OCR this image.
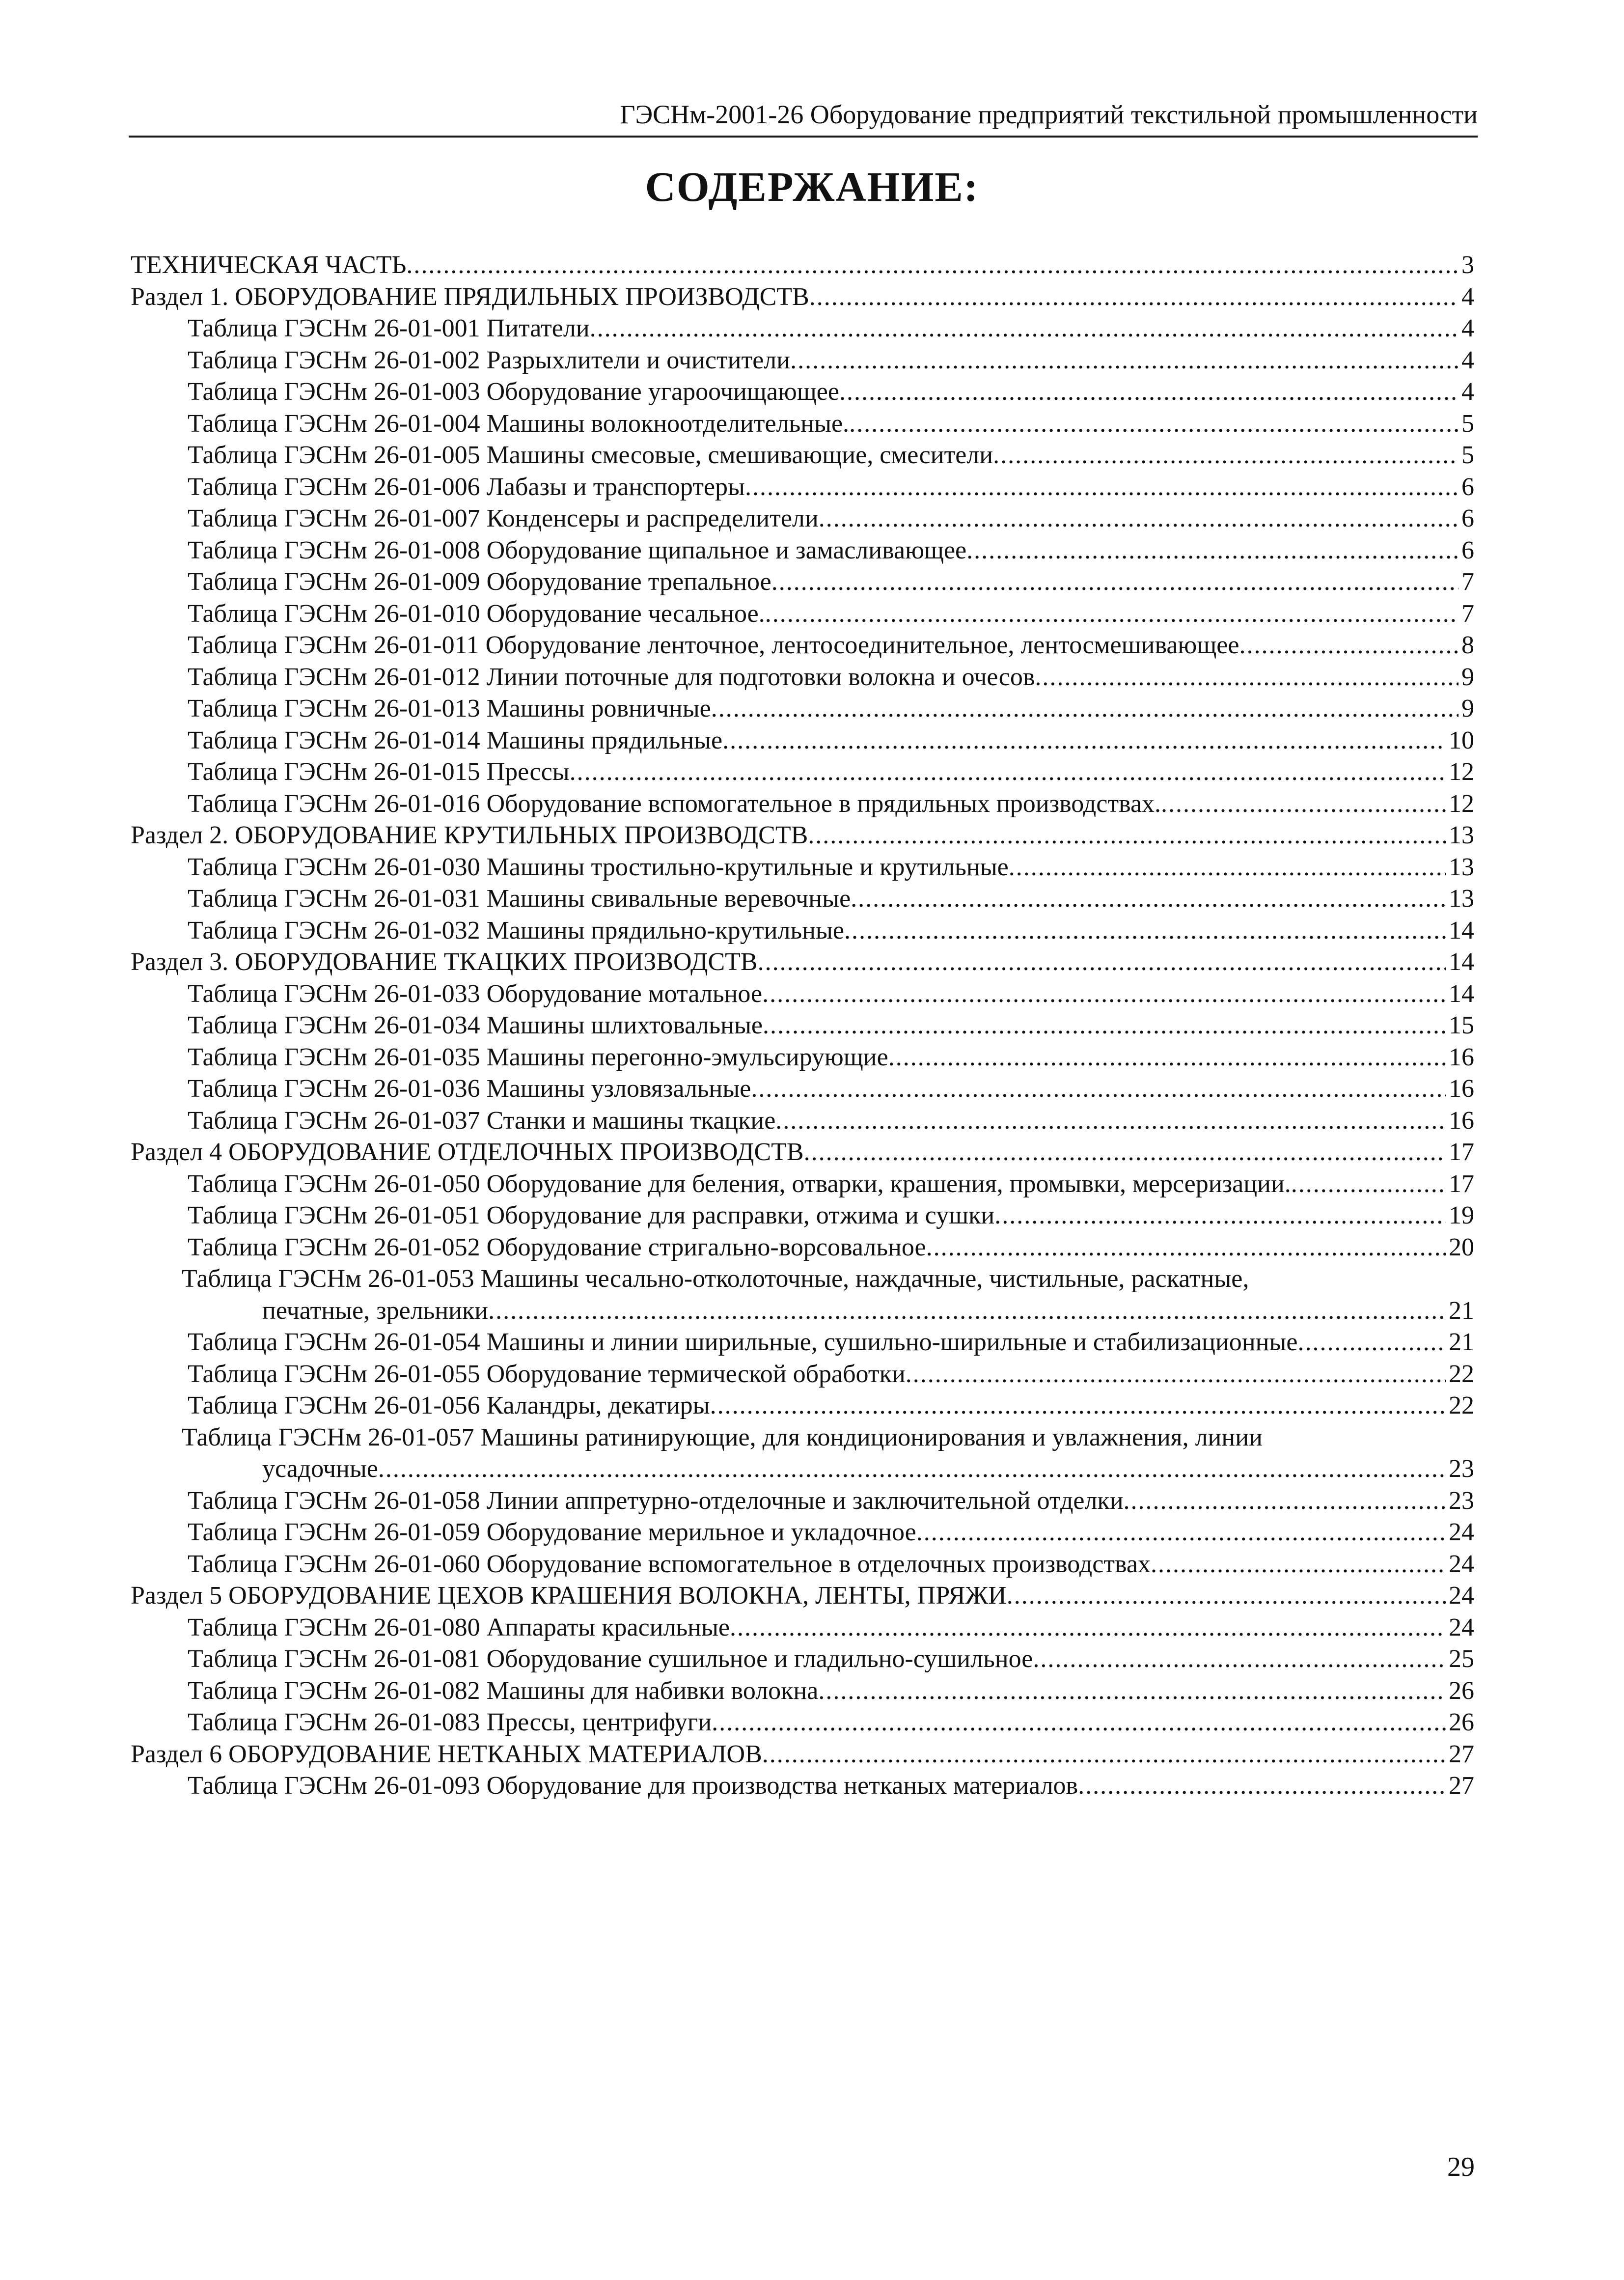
ГЭСНм-2001-26 Оборудование предприятий текстильной промышленности
СОДЕРЖАНИЕ:
ТЕХНИЧЕСКАЯ ЧАСТЬ .....	3
Раздел 1. ОБОРУДОВАНИЕ ПРЯДИЛЬНЫХ ПРОИЗВОДСТВ .....	4
Таблица ГЭСНм 26-01-001 Питатели .....	4
Таблица ГЭСНм 26-01-002 Разрыхлители и очистители .....	4
Таблица ГЭСНм 26-01-003 Оборудование угароочищающее .....	4
Таблица ГЭСНм 26-01-004 Машины волокноотделительные. .....	5
Таблица ГЭСНм 26-01-005 Машины смесовые, смешивающие, смесители .....	5
Таблица ГЭСНм 26-01-006 Лабазы и транспортеры .....	6
Таблица ГЭСНм 26-01-007 Конденсеры и распределители .....	6
Таблица ГЭСНм 26-01-008 Оборудование щипальное и замасливающее .....	6
Таблица ГЭСНм 26-01-009 Оборудование трепальное .....	7
Таблица ГЭСНм 26-01-010 Оборудование чесальное. .....	7
Таблица ГЭСНм 26-01-011 Оборудование ленточное, лентосоединительное, лентосмешивающее .....	8
Таблица ГЭСНм 26-01-012 Линии поточные для подготовки волокна и очесов .....	9
Таблица ГЭСНм 26-01-013 Машины ровничные .....	9
Таблица ГЭСНм 26-01-014 Машины прядильные .....	10
Таблица ГЭСНм 26-01-015 Прессы .....	12
Таблица ГЭСНм 26-01-016 Оборудование вспомогательное в прядильных производствах. .....	12
Раздел 2. ОБОРУДОВАНИЕ КРУТИЛЬНЫХ ПРОИЗВОДСТВ .....	13
Таблица ГЭСНм 26-01-030 Машины тростильно-крутильные и крутильные .....	13
Таблица ГЭСНм 26-01-031 Машины свивальные веревочные .....	13
Таблица ГЭСНм 26-01-032 Машины прядильно-крутильные .....	14
Раздел 3. ОБОРУДОВАНИЕ ТКАЦКИХ ПРОИЗВОДСТВ .....	14
Таблица ГЭСНм 26-01-033 Оборудование мотальное .....	14
Таблица ГЭСНм 26-01-034 Машины шлихтовальные .....	15
Таблица ГЭСНм 26-01-035 Машины перегонно-эмульсирующие .....	16
Таблица ГЭСНм 26-01-036 Машины узловязальные .....	16
Таблица ГЭСНм 26-01-037 Станки и машины ткацкие .....	16
Раздел 4 ОБОРУДОВАНИЕ ОТДЕЛОЧНЫХ ПРОИЗВОДСТВ .....	17
Таблица ГЭСНм 26-01-050 Оборудование для беления, отварки, крашения, промывки, мерсеризации. .....	17
Таблица ГЭСНм 26-01-051 Оборудование для расправки, отжима и сушки .....	19
Таблица ГЭСНм 26-01-052 Оборудование стригально-ворсовальное .....	20
Таблица ГЭСНм 26-01-053 Машины чесально-отколоточные, наждачные, чистильные, раскатные,
печатные, зрельники .....	21
Таблица ГЭСНм 26-01-054 Машины и линии ширильные, сушильно-ширильные и стабилизационные .....	21
Таблица ГЭСНм 26-01-055 Оборудование термической обработки .....	22
Таблица ГЭСНм 26-01-056 Каландры, декатиры .....	22
Таблица ГЭСНм 26-01-057 Машины ратинирующие, для кондиционирования и увлажнения, линии
усадочные .....	23
Таблица ГЭСНм 26-01-058 Линии аппретурно-отделочные и заключительной отделки .....	23
Таблица ГЭСНм 26-01-059 Оборудование мерильное и укладочное .....	24
Таблица ГЭСНм 26-01-060 Оборудование вспомогательное в отделочных производствах .....	24
Раздел 5 ОБОРУДОВАНИЕ ЦЕХОВ КРАШЕНИЯ ВОЛОКНА, ЛЕНТЫ, ПРЯЖИ .....	24
Таблица ГЭСНм 26-01-080 Аппараты красильные .....	24
Таблица ГЭСНм 26-01-081 Оборудование сушильное и гладильно-сушильное .....	25
Таблица ГЭСНм 26-01-082 Машины для набивки волокна .....	26
Таблица ГЭСНм 26-01-083 Прессы, центрифуги .....	26
Раздел 6 ОБОРУДОВАНИЕ НЕТКАНЫХ МАТЕРИАЛОВ .....	27
Таблица ГЭСНм 26-01-093 Оборудование для производства нетканых материалов .....	27
29
